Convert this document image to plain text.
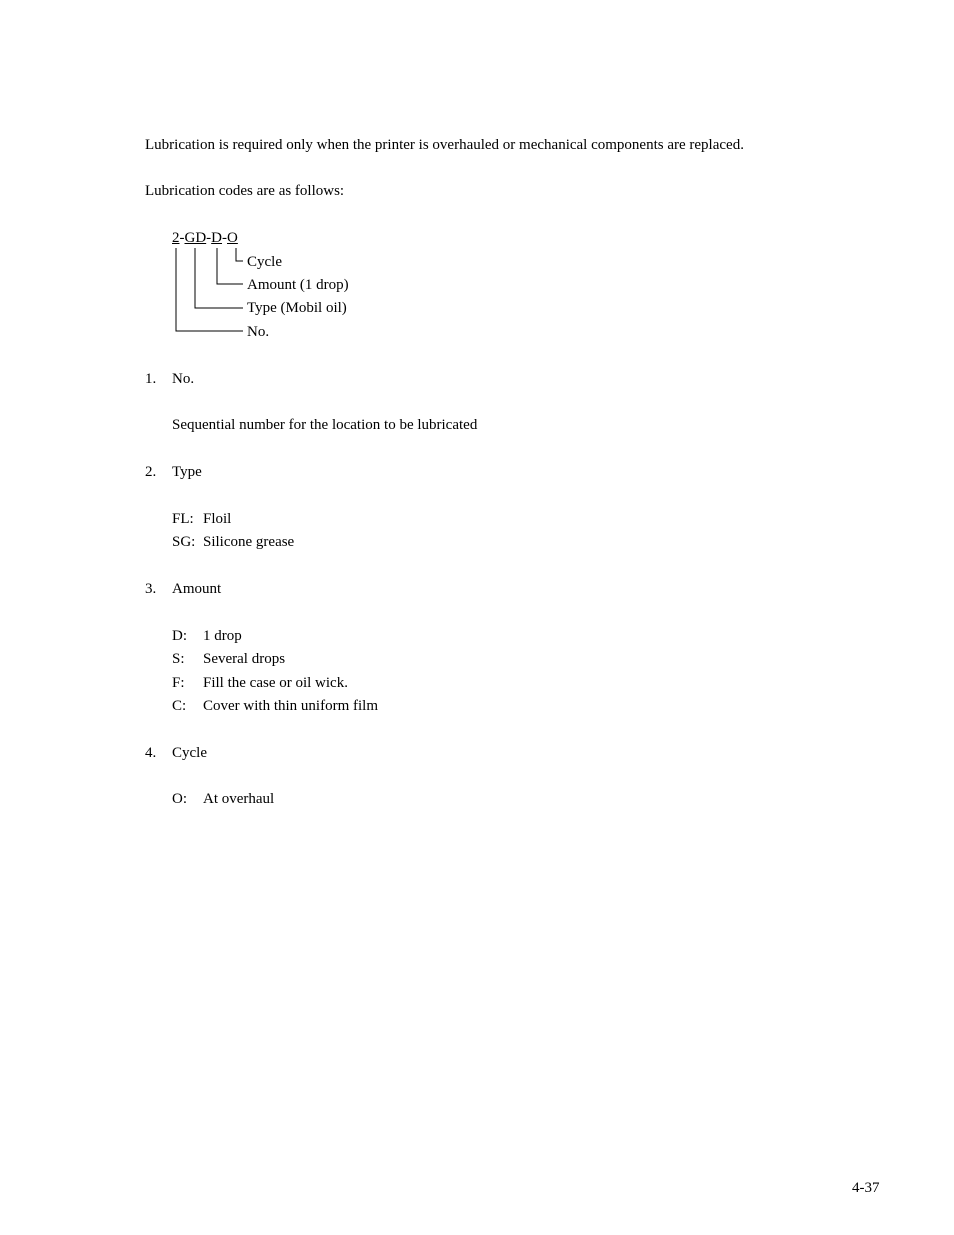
Lubrication is required only when the printer is overhauled or mechanical components are replaced.
Lubrication codes are as follows:
2-GD-D-O
Cycle
Amount (1 drop)
Type (Mobil oil)
No.
1. No.
Sequential number for the location to be lubricated
2. Type
FL: Floil
SG: Silicone grease
3. Amount
D: 1 drop
S: Several drops
F: Fill the case or oil wick.
C: Cover with thin uniform film
4. Cycle
O: At overhaul
4-37
